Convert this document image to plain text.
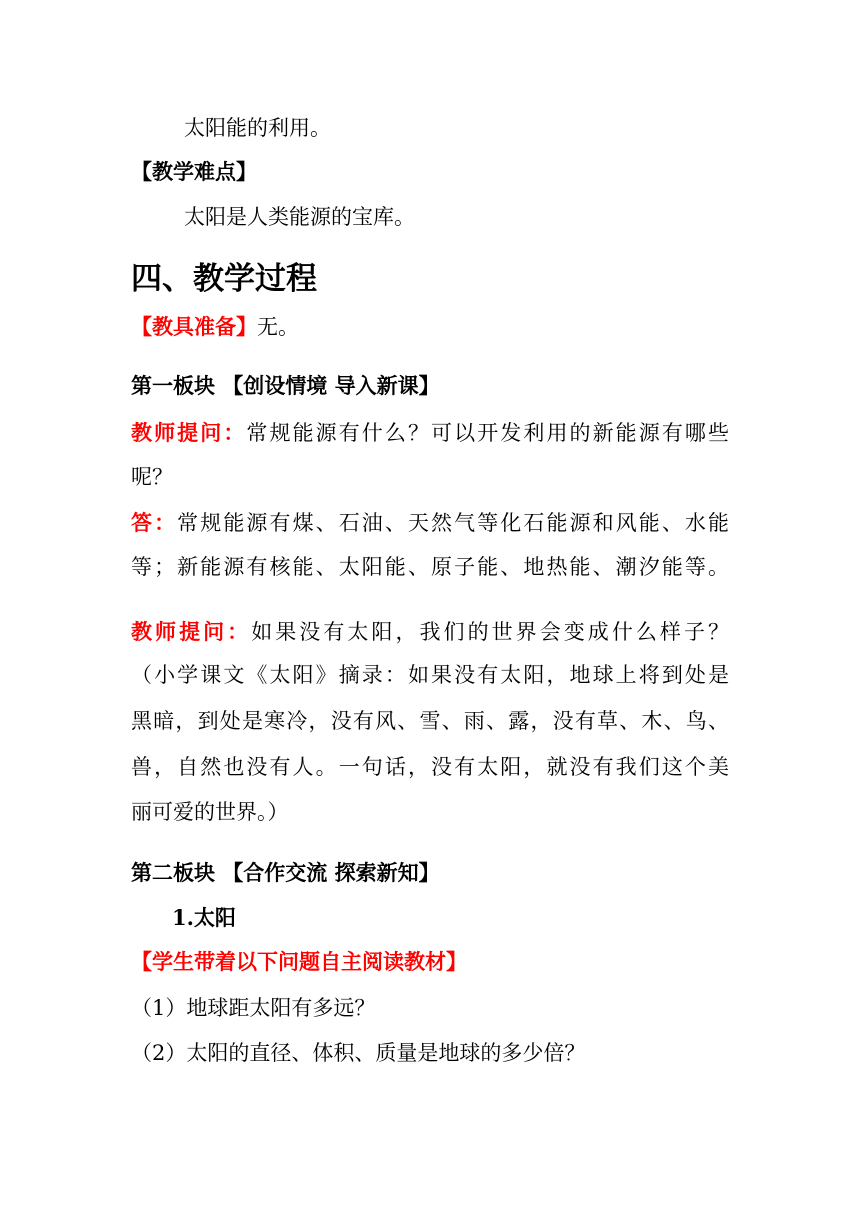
太阳能的利用。
【教学难点】
太阳是人类能源的宝库。
四、教学过程
【教具准备】无。
第一板块 【创设情境 导入新课】
教师提问：常规能源有什么？可以开发利用的新能源有哪些
呢？
答：常规能源有煤、石油、天然气等化石能源和风能、水能
等；新能源有核能、太阳能、原子能、地热能、潮汐能等。
教师提问：如果没有太阳，我们的世界会变成什么样子？
（小学课文《太阳》摘录：如果没有太阳，地球上将到处是
黑暗，到处是寒冷，没有风、雪、雨、露，没有草、木、鸟、
兽，自然也没有人。一句话，没有太阳，就没有我们这个美
丽可爱的世界。）
第二板块 【合作交流 探索新知】
1.太阳
【学生带着以下问题自主阅读教材】
（1）地球距太阳有多远？
（2）太阳的直径、体积、质量是地球的多少倍？
